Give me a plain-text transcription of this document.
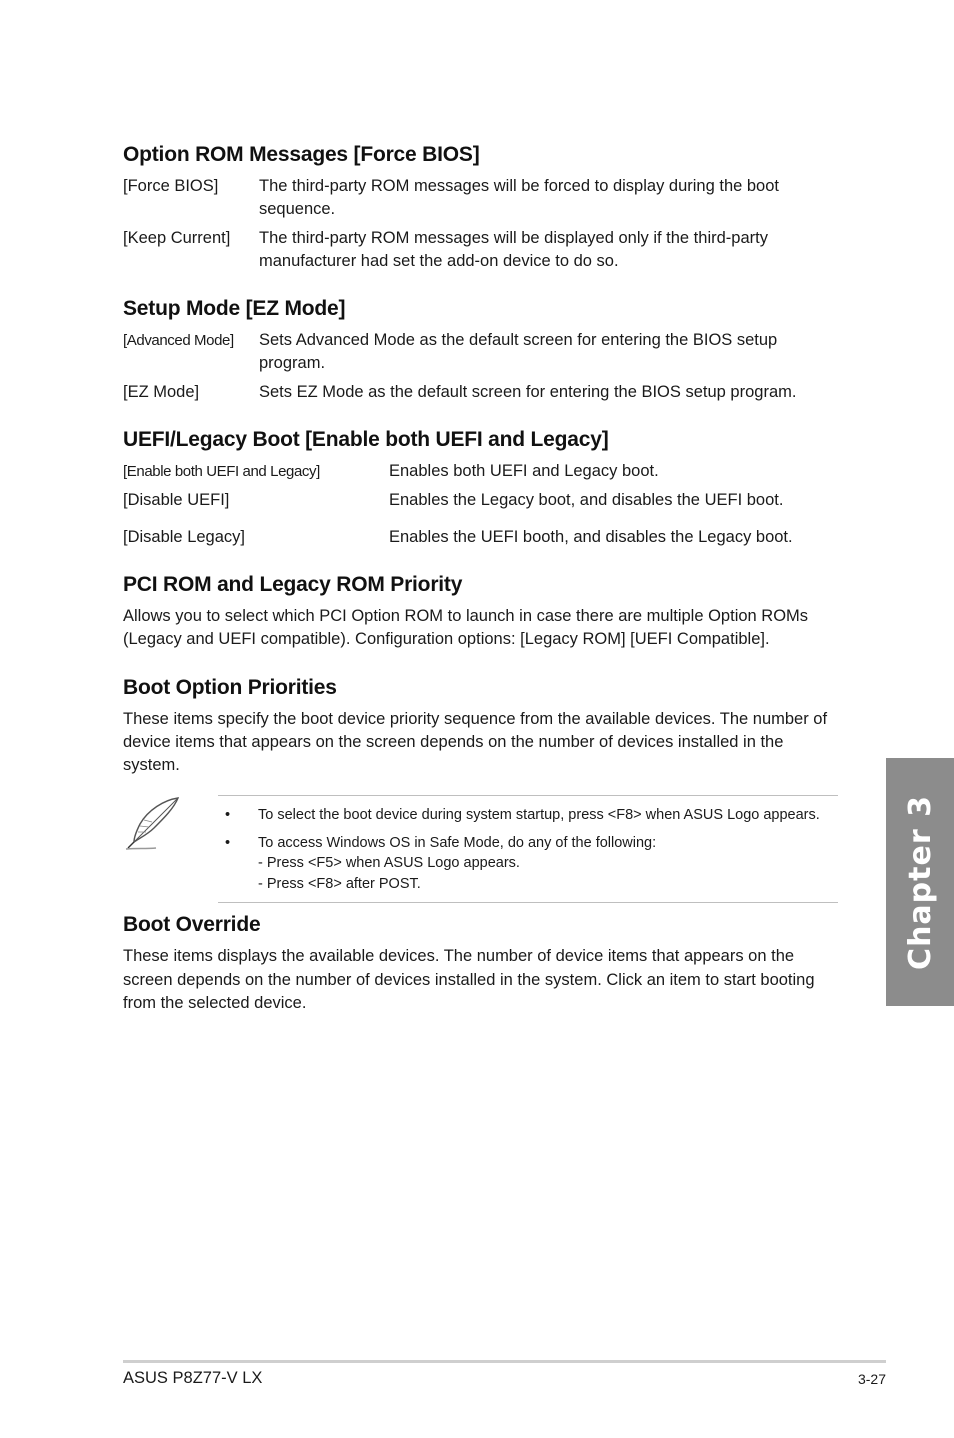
Option ROM Messages [Force BIOS]
[Force BIOS]	The third-party ROM messages will be forced to display during the boot sequence.
[Keep Current]	The third-party ROM messages will be displayed only if the third-party manufacturer had set the add-on device to do so.
Setup Mode [EZ Mode]
[Advanced Mode]	Sets Advanced Mode as the default screen for entering the BIOS setup program.
[EZ Mode]	Sets EZ Mode as the default screen for entering the BIOS setup program.
UEFI/Legacy Boot [Enable both UEFI and Legacy]
[Enable both UEFI and Legacy]	Enables both UEFI and Legacy boot.
[Disable UEFI]	Enables the Legacy boot, and disables the UEFI boot.
[Disable Legacy]	Enables the UEFI booth, and disables the Legacy boot.
PCI ROM and Legacy ROM Priority

Allows you to select which PCI Option ROM to launch in case there are multiple Option ROMs (Legacy and UEFI compatible). Configuration options: [Legacy ROM] [UEFI Compatible].

Boot Option Priorities

These items specify the boot device priority sequence from the available devices. The number of device items that appears on the screen depends on the number of devices installed in the system.

• To select the boot device during system startup, press <F8> when ASUS Logo appears.
• To access Windows OS in Safe Mode, do any of the following:
- Press <F5> when ASUS Logo appears.
- Press <F8> after POST.
Boot Override

These items displays the available devices. The number of device items that appears on the screen depends on the number of devices installed in the system. Click an item to start booting from the selected device.

Chapter 3
ASUS P8Z77-V LX	3-27
